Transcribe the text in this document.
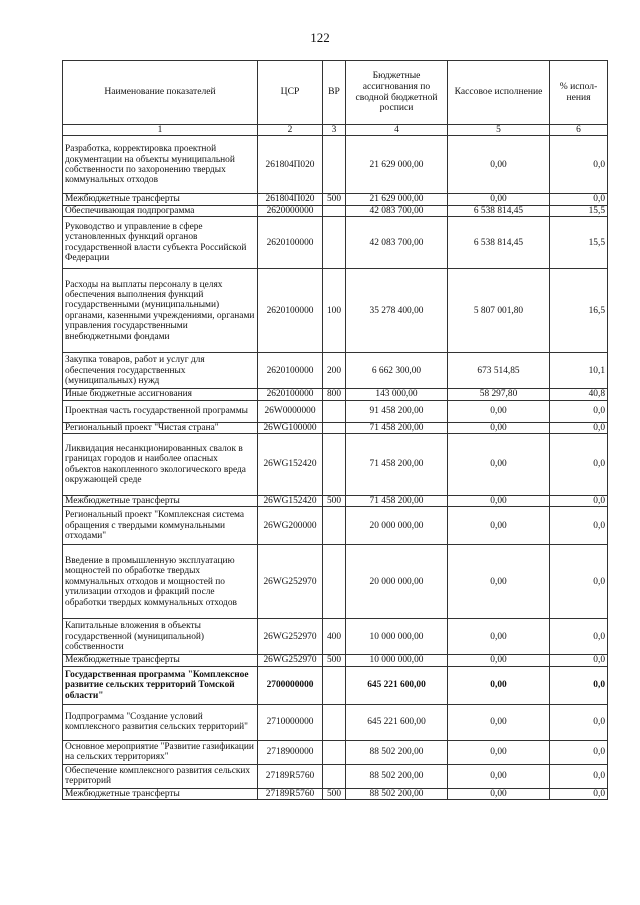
122
Наименование показателей	ЦСР	ВР	Бюджетные ассигнования по сводной бюджетной росписи	Кассовое исполнение	% испол-нения
1	2	3	4	5	6
Разработка, корректировка проектной документации на объекты муниципальной собственности по захоронению твердых коммунальных отходов	261804П020		21 629 000,00	0,00	0,0
Межбюджетные трансферты	261804П020	500	21 629 000,00	0,00	0,0
Обеспечивающая подпрограмма	2620000000		42 083 700,00	6 538 814,45	15,5
Руководство и управление в сфере установленных функций органов государственной власти субъекта Российской Федерации	2620100000		42 083 700,00	6 538 814,45	15,5
Расходы на выплаты персоналу в целях обеспечения выполнения функций государственными (муниципальными) органами, казенными учреждениями, органами управления государственными внебюджетными фондами	2620100000	100	35 278 400,00	5 807 001,80	16,5
Закупка товаров, работ и услуг для обеспечения государственных (муниципальных) нужд	2620100000	200	6 662 300,00	673 514,85	10,1
Иные бюджетные ассигнования	2620100000	800	143 000,00	58 297,80	40,8
Проектная часть государственной программы	26W0000000		91 458 200,00	0,00	0,0
Региональный проект "Чистая страна"	26WG100000		71 458 200,00	0,00	0,0
Ликвидация несанкционированных свалок в границах городов и наиболее опасных объектов накопленного экологического вреда окружающей среде	26WG152420		71 458 200,00	0,00	0,0
Межбюджетные трансферты	26WG152420	500	71 458 200,00	0,00	0,0
Региональный проект "Комплексная система обращения с твердыми коммунальными отходами"	26WG200000		20 000 000,00	0,00	0,0
Введение в промышленную эксплуатацию мощностей по обработке твердых коммунальных отходов и мощностей по утилизации отходов и фракций после обработки твердых коммунальных отходов	26WG252970		20 000 000,00	0,00	0,0
Капитальные вложения в объекты государственной (муниципальной) собственности	26WG252970	400	10 000 000,00	0,00	0,0
Межбюджетные трансферты	26WG252970	500	10 000 000,00	0,00	0,0
Государственная программа "Комплексное развитие сельских территорий Томской области"	2700000000		645 221 600,00	0,00	0,0
Подпрограмма "Создание условий комплексного развития сельских территорий"	2710000000		645 221 600,00	0,00	0,0
Основное мероприятие "Развитие газификации на сельских территориях"	2718900000		88 502 200,00	0,00	0,0
Обеспечение комплексного развития сельских территорий	27189R5760		88 502 200,00	0,00	0,0
Межбюджетные трансферты	27189R5760	500	88 502 200,00	0,00	0,0
